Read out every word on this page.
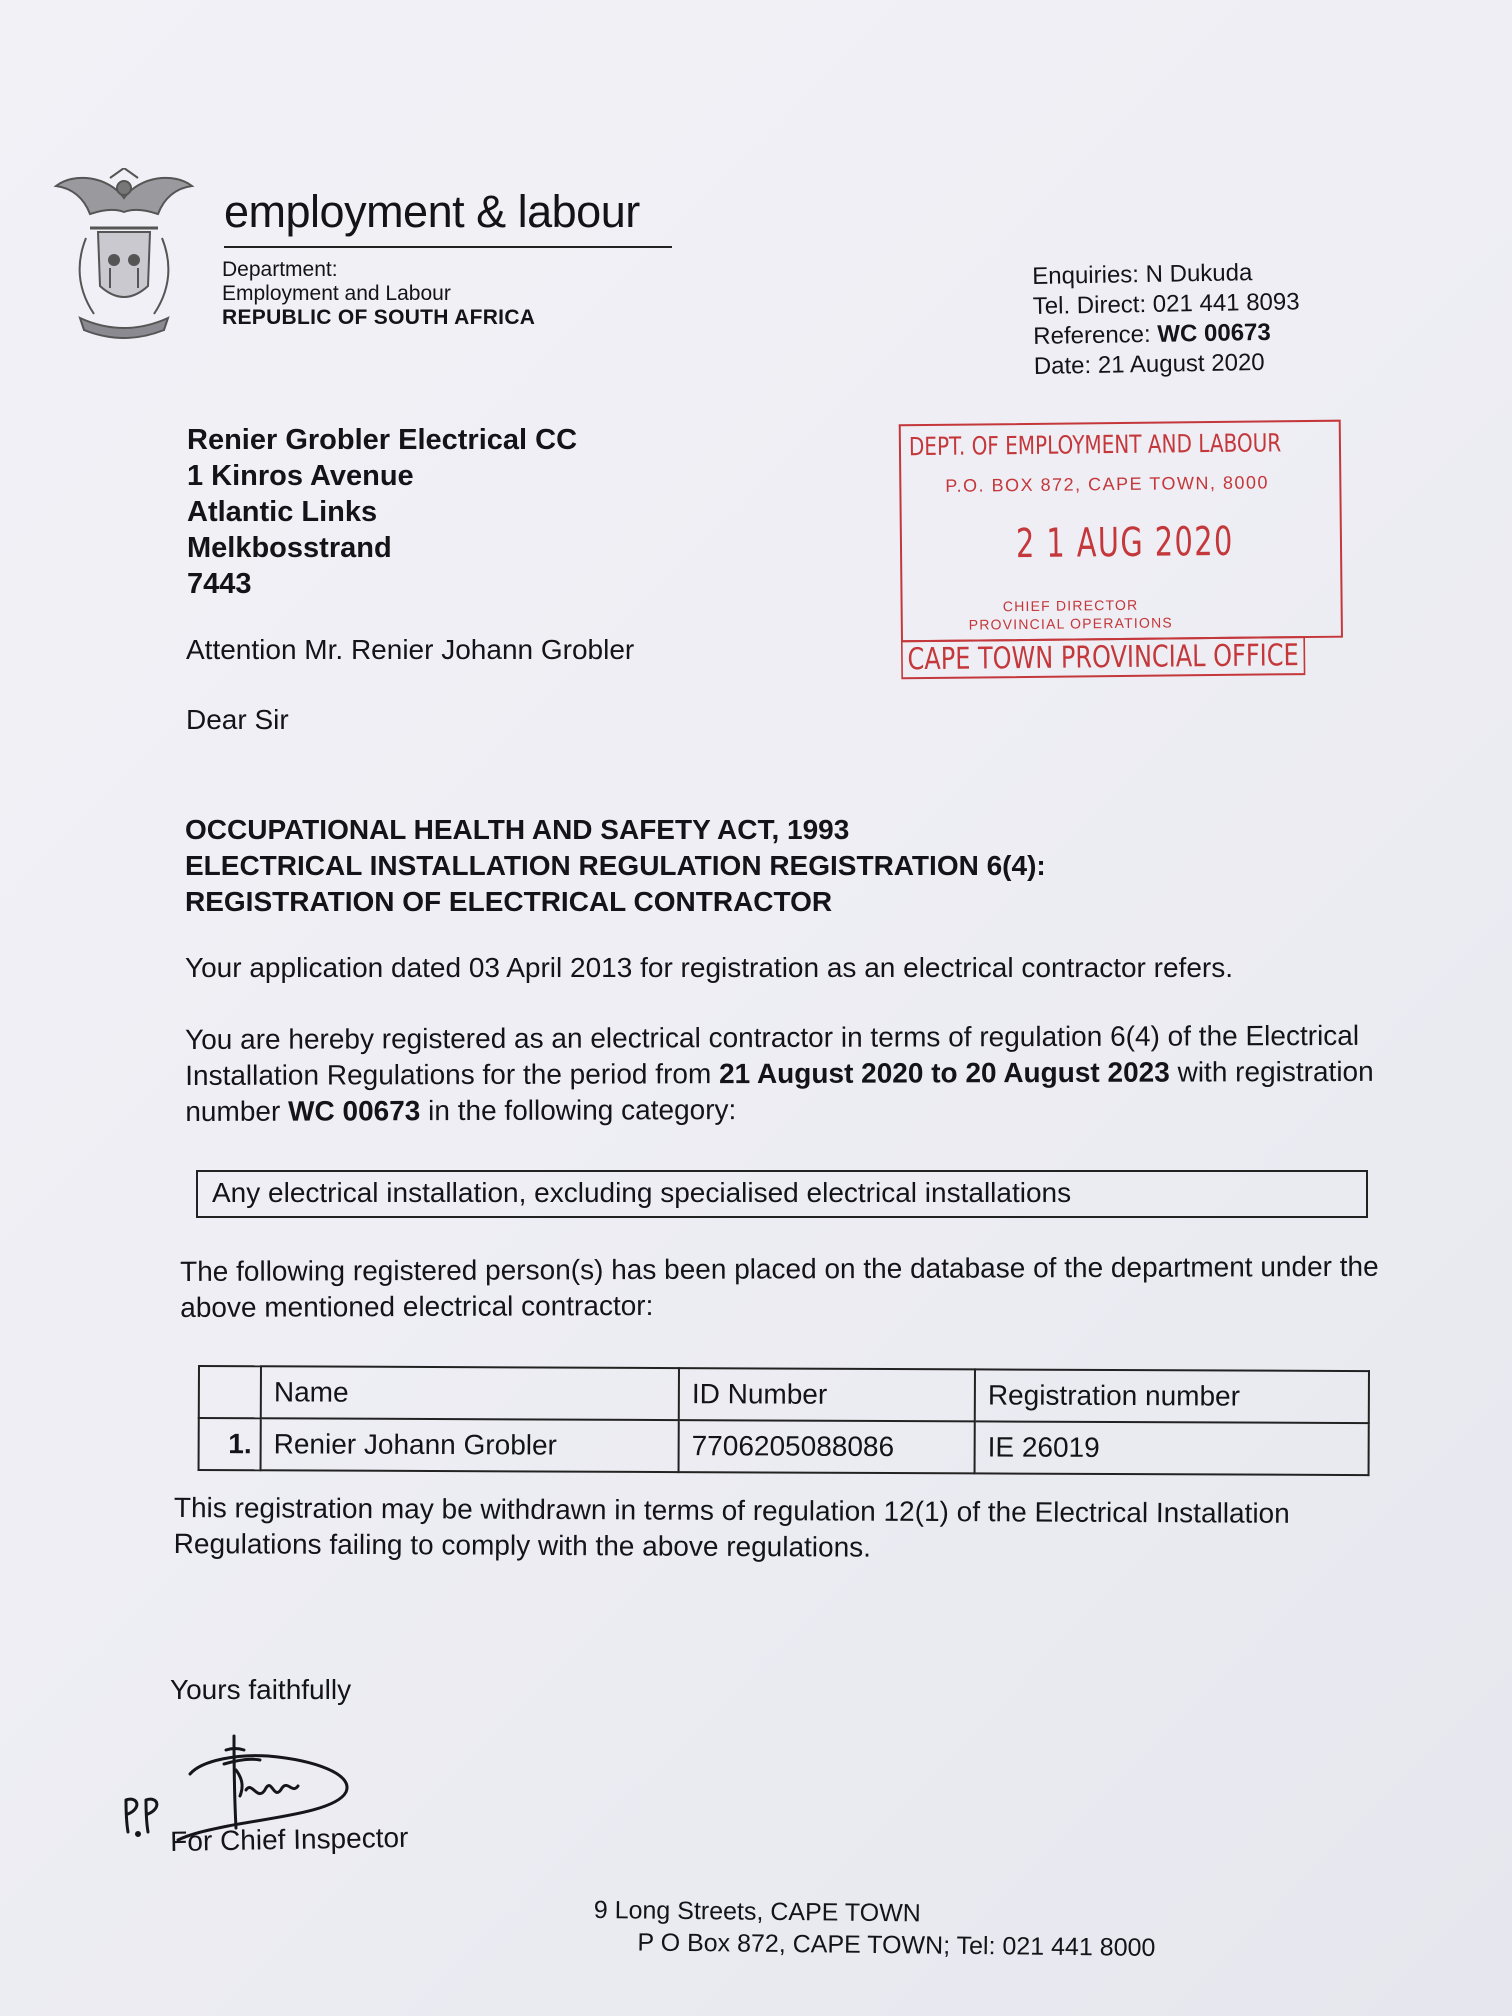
employment & labour
Department:
Employment and Labour
REPUBLIC OF SOUTH AFRICA
Enquiries: N Dukuda
Tel. Direct: 021 441 8093
Reference: WC 00673
Date: 21 August 2020
Renier Grobler Electrical CC
1 Kinros Avenue
Atlantic Links
Melkbosstrand
7443
DEPT. OF EMPLOYMENT AND LABOUR
P.O. BOX 872, CAPE TOWN, 8000
2 1 AUG 2020
CHIEF DIRECTOR
PROVINCIAL OPERATIONS
CAPE TOWN PROVINCIAL OFFICE
Attention Mr. Renier Johann Grobler
Dear Sir
OCCUPATIONAL HEALTH AND SAFETY ACT, 1993
ELECTRICAL INSTALLATION REGULATION REGISTRATION 6(4):
REGISTRATION OF ELECTRICAL CONTRACTOR
Your application dated 03 April 2013 for registration as an electrical contractor refers.
You are hereby registered as an electrical contractor in terms of regulation 6(4) of the Electrical Installation Regulations for the period from 21 August 2020 to 20 August 2023 with registration number WC 00673 in the following category:
Any electrical installation, excluding specialised electrical installations
The following registered person(s) has been placed on the database of the department under the above mentioned electrical contractor:
	Name	ID Number	Registration number
1.	Renier Johann Grobler	7706205088086	IE 26019
This registration may be withdrawn in terms of regulation 12(1) of the Electrical Installation Regulations failing to comply with the above regulations.
Yours faithfully
For Chief Inspector
9 Long Streets, CAPE TOWN
P O Box 872, CAPE TOWN; Tel: 021 441 8000
